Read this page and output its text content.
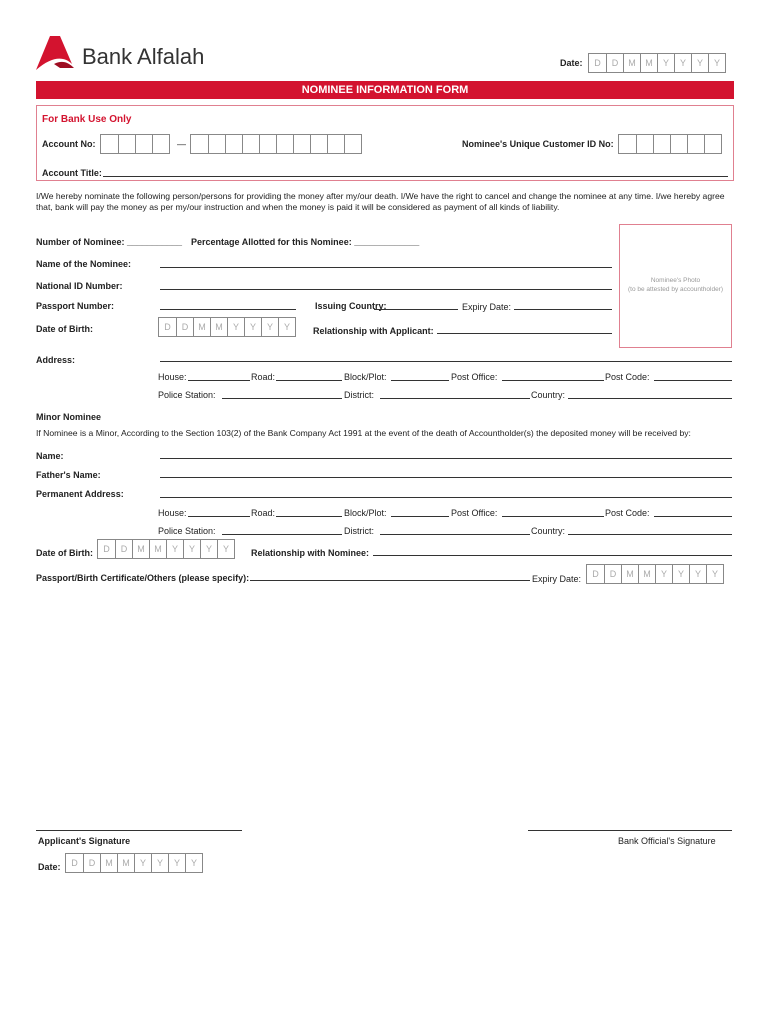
Bank Alfalah	Date:	D	D	M	M	Y	Y	Y	Y
NOMINEE INFORMATION FORM
For Bank Use Only
Account No:	—	Nominee's Unique Customer ID No:
Account Title:
I/We hereby nominate the following person/persons for providing the money after my/our death. I/We have the right to cancel and change the nominee at any time. I/we hereby agree that, bank will pay the money as per my/our instruction and when the money is paid it will be considered as payment of all kinds of liability.
Nominee's Photo
(to be attested by accountholder)
Number of Nominee: ___________ Percentage Allotted for this Nominee: _____________
Name of the Nominee:
National ID Number:
Passport Number:	Issuing Country:	Expiry Date:
Date of Birth:	D	D	M	M	Y	Y	Y	Y	Relationship with Applicant:
Address:
House:	Road:	Block/Plot:	Post Office:	Post Code:
Police Station:	District:	Country:
Minor Nominee
If Nominee is a Minor, According to the Section 103(2) of the Bank Company Act 1991 at the event of the death of Accountholder(s) the deposited money will be received by:
Name:
Father's Name:
Permanent Address:
House:	Road:	Block/Plot:	Post Office:	Post Code:
Police Station:	District:	Country:
Date of Birth:	D	D	M	M	Y	Y	Y	Y	Relationship with Nominee:
Passport/Birth Certificate/Others (please specify):	Expiry Date:	D	D	M	M	Y	Y	Y	Y
Applicant's Signature	Bank Official's Signature
Date:	D	D	M	M	Y	Y	Y	Y
